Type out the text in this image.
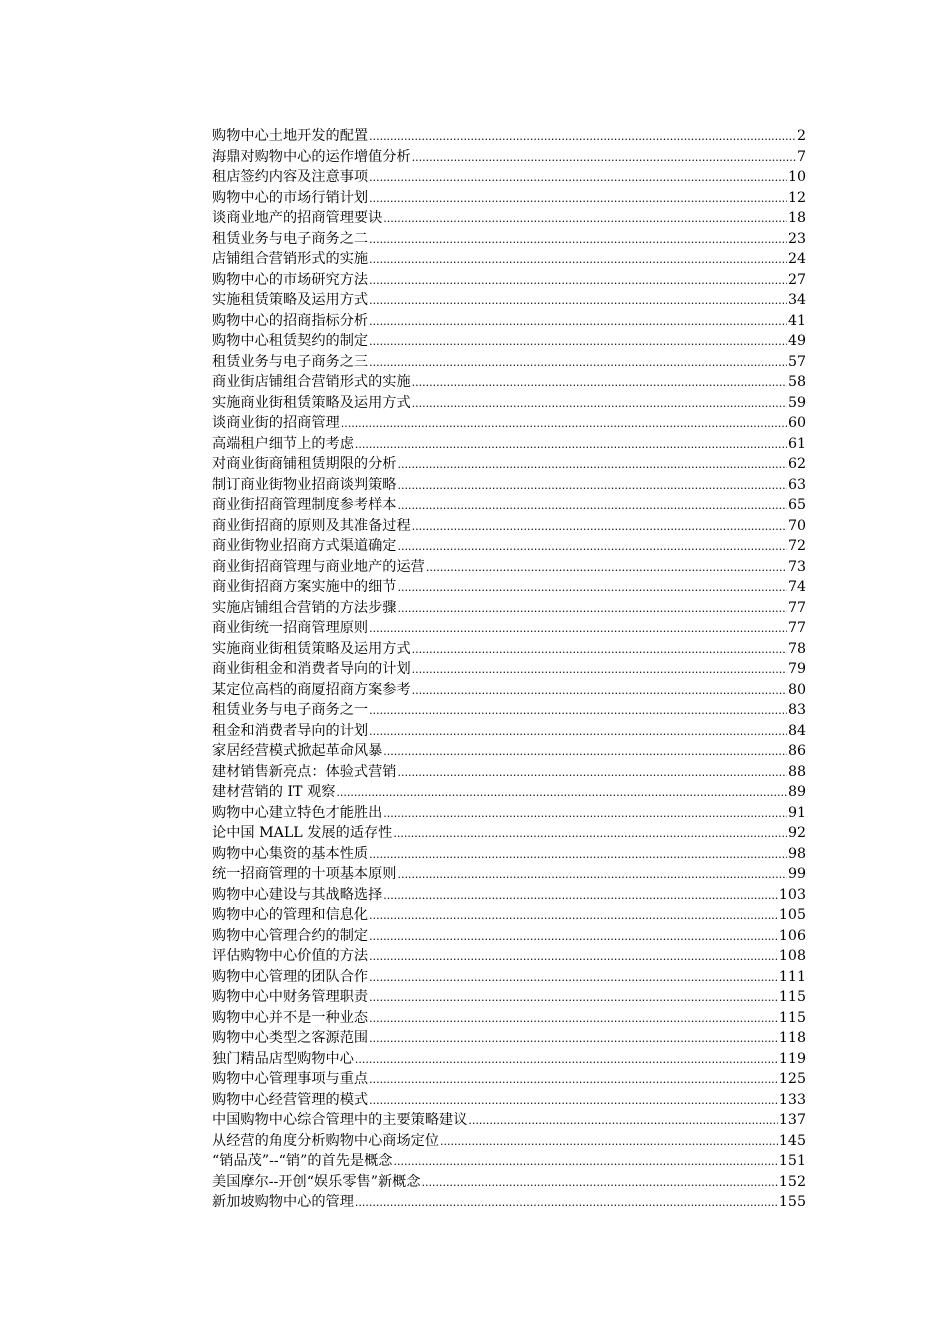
购物中心土地开发的配置 .....	2
海鼎对购物中心的运作增值分析 .....	7
租店签约内容及注意事项 .....	10
购物中心的市场行销计划 .....	12
谈商业地产的招商管理要诀 .....	18
租赁业务与电子商务之二 .....	23
店铺组合营销形式的实施 .....	24
购物中心的市场研究方法 .....	27
实施租赁策略及运用方式 .....	34
购物中心的招商指标分析 .....	41
购物中心租赁契约的制定 .....	49
租赁业务与电子商务之三 .....	57
商业街店铺组合营销形式的实施 .....	58
实施商业街租赁策略及运用方式 .....	59
谈商业街的招商管理 .....	60
高端租户细节上的考虑 .....	61
对商业街商铺租赁期限的分析 .....	62
制订商业街物业招商谈判策略 .....	63
商业街招商管理制度参考样本 .....	65
商业街招商的原则及其准备过程 .....	70
商业街物业招商方式渠道确定 .....	72
商业街招商管理与商业地产的运营 .....	73
商业街招商方案实施中的细节 .....	74
实施店铺组合营销的方法步骤 .....	77
商业街统一招商管理原则 .....	77
实施商业街租赁策略及运用方式 .....	78
商业街租金和消费者导向的计划 .....	79
某定位高档的商厦招商方案参考 .....	80
租赁业务与电子商务之一 .....	83
租金和消费者导向的计划 .....	84
家居经营模式掀起革命风暴 .....	86
建材销售新亮点：体验式营销 .....	88
建材营销的 IT 观察 .....	89
购物中心建立特色才能胜出 .....	91
论中国 MALL 发展的适存性 .....	92
购物中心集资的基本性质 .....	98
统一招商管理的十项基本原则 .....	99
购物中心建设与其战略选择 .....	103
购物中心的管理和信息化 .....	105
购物中心管理合约的制定 .....	106
评估购物中心价值的方法 .....	108
购物中心管理的团队合作 .....	111
购物中心中财务管理职责 .....	115
购物中心并不是一种业态 .....	115
购物中心类型之客源范围 .....	118
独门精品店型购物中心 .....	119
购物中心管理事项与重点 .....	125
购物中心经营管理的模式 .....	133
中国购物中心综合管理中的主要策略建议 .....	137
从经营的角度分析购物中心商场定位 .....	145
“销品茂”--“销”的首先是概念 .....	151
美国摩尔--开创“娱乐零售”新概念 .....	152
新加坡购物中心的管理 .....	155
